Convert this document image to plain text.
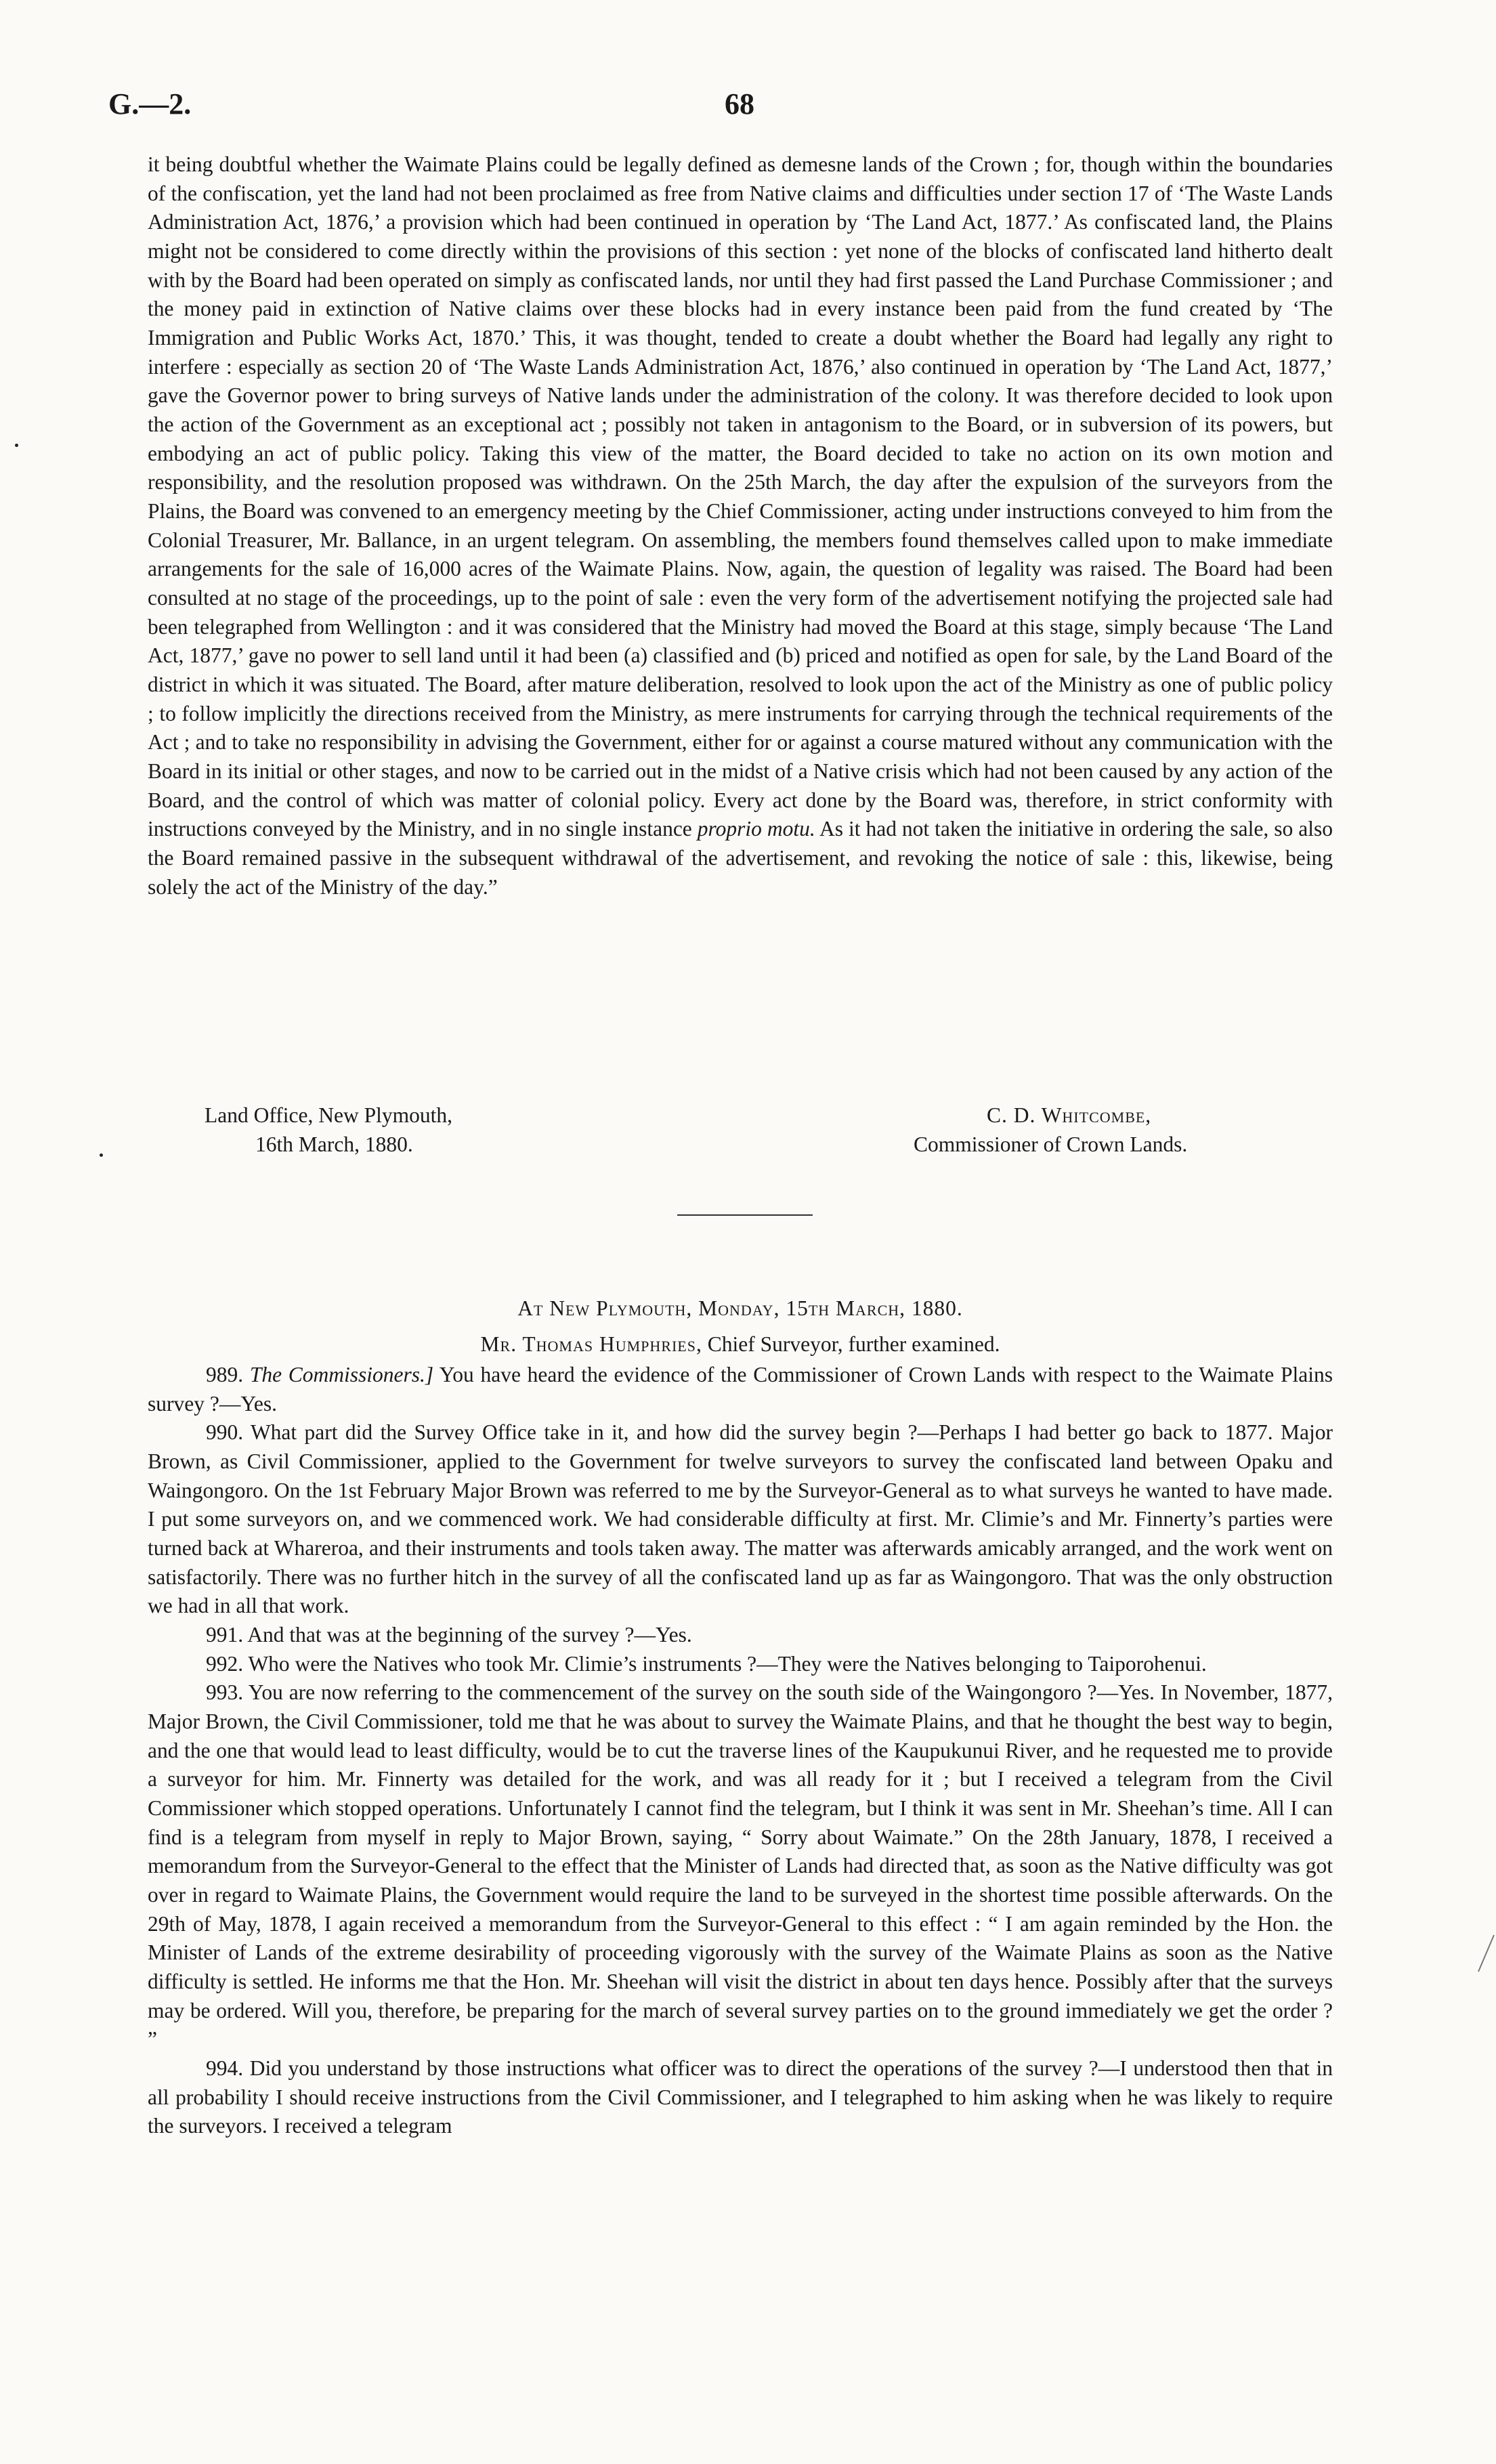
G.—2.	68

it being doubtful whether the Waimate Plains could be legally defined as demesne lands of the Crown ; for, though within the boundaries of the confiscation, yet the land had not been proclaimed as free from Native claims and difficulties under section 17 of ‘The Waste Lands Administration Act, 1876,’ a provision which had been continued in operation by ‘The Land Act, 1877.’ As confiscated land, the Plains might not be considered to come directly within the provisions of this section : yet none of the blocks of confiscated land hitherto dealt with by the Board had been operated on simply as confiscated lands, nor until they had first passed the Land Purchase Commissioner ; and the money paid in extinction of Native claims over these blocks had in every instance been paid from the fund created by ‘The Immigration and Public Works Act, 1870.’ This, it was thought, tended to create a doubt whether the Board had legally any right to interfere : especially as section 20 of ‘The Waste Lands Administration Act, 1876,’ also continued in operation by ‘The Land Act, 1877,’ gave the Governor power to bring surveys of Native lands under the administration of the colony. It was therefore decided to look upon the action of the Government as an exceptional act ; possibly not taken in antagonism to the Board, or in subversion of its powers, but embodying an act of public policy. Taking this view of the matter, the Board decided to take no action on its own motion and responsibility, and the resolution proposed was withdrawn. On the 25th March, the day after the expulsion of the surveyors from the Plains, the Board was convened to an emergency meeting by the Chief Commissioner, acting under instructions conveyed to him from the Colonial Treasurer, Mr. Ballance, in an urgent telegram. On assembling, the members found themselves called upon to make immediate arrangements for the sale of 16,000 acres of the Waimate Plains. Now, again, the question of legality was raised. The Board had been consulted at no stage of the proceedings, up to the point of sale : even the very form of the advertisement notifying the projected sale had been telegraphed from Wellington : and it was considered that the Ministry had moved the Board at this stage, simply because ‘The Land Act, 1877,’ gave no power to sell land until it had been (a) classified and (b) priced and notified as open for sale, by the Land Board of the district in which it was situated. The Board, after mature deliberation, resolved to look upon the act of the Ministry as one of public policy ; to follow implicitly the directions received from the Ministry, as mere instruments for carrying through the technical requirements of the Act ; and to take no responsibility in advising the Government, either for or against a course matured without any communication with the Board in its initial or other stages, and now to be carried out in the midst of a Native crisis which had not been caused by any action of the Board, and the control of which was matter of colonial policy. Every act done by the Board was, therefore, in strict conformity with instructions conveyed by the Ministry, and in no single instance proprio motu. As it had not taken the initiative in ordering the sale, so also the Board remained passive in the subsequent withdrawal of the advertisement, and revoking the notice of sale : this, likewise, being solely the act of the Ministry of the day.”

Land Office, New Plymouth,
16th March, 1880.
C. D. Whitcombe,
Commissioner of Crown Lands.
At New Plymouth, Monday, 15th March, 1880.
Mr. Thomas Humphries, Chief Surveyor, further examined.

989. The Commissioners.] You have heard the evidence of the Commissioner of Crown Lands with respect to the Waimate Plains survey ?—Yes.

990. What part did the Survey Office take in it, and how did the survey begin ?—Perhaps I had better go back to 1877. Major Brown, as Civil Commissioner, applied to the Government for twelve surveyors to survey the confiscated land between Opaku and Waingongoro. On the 1st February Major Brown was referred to me by the Surveyor-General as to what surveys he wanted to have made. I put some surveyors on, and we commenced work. We had considerable difficulty at first. Mr. Climie’s and Mr. Finnerty’s parties were turned back at Whareroa, and their instruments and tools taken away. The matter was afterwards amicably arranged, and the work went on satisfactorily. There was no further hitch in the survey of all the confiscated land up as far as Waingongoro. That was the only obstruction we had in all that work.

991. And that was at the beginning of the survey ?—Yes.

992. Who were the Natives who took Mr. Climie’s instruments ?—They were the Natives belonging to Taiporohenui.

993. You are now referring to the commencement of the survey on the south side of the Waingongoro ?—Yes. In November, 1877, Major Brown, the Civil Commissioner, told me that he was about to survey the Waimate Plains, and that he thought the best way to begin, and the one that would lead to least difficulty, would be to cut the traverse lines of the Kaupukunui River, and he requested me to provide a surveyor for him. Mr. Finnerty was detailed for the work, and was all ready for it ; but I received a telegram from the Civil Commissioner which stopped operations. Unfortunately I cannot find the telegram, but I think it was sent in Mr. Sheehan’s time. All I can find is a telegram from myself in reply to Major Brown, saying, “ Sorry about Waimate.” On the 28th January, 1878, I received a memorandum from the Surveyor-General to the effect that the Minister of Lands had directed that, as soon as the Native difficulty was got over in regard to Waimate Plains, the Government would require the land to be surveyed in the shortest time possible afterwards. On the 29th of May, 1878, I again received a memorandum from the Surveyor-General to this effect : “ I am again reminded by the Hon. the Minister of Lands of the extreme desirability of proceeding vigorously with the survey of the Waimate Plains as soon as the Native difficulty is settled. He informs me that the Hon. Mr. Sheehan will visit the district in about ten days hence. Possibly after that the surveys may be ordered. Will you, therefore, be preparing for the march of several survey parties on to the ground immediately we get the order ? ”

994. Did you understand by those instructions what officer was to direct the operations of the survey ?—I understood then that in all probability I should receive instructions from the Civil Commissioner, and I telegraphed to him asking when he was likely to require the surveyors. I received a telegram
